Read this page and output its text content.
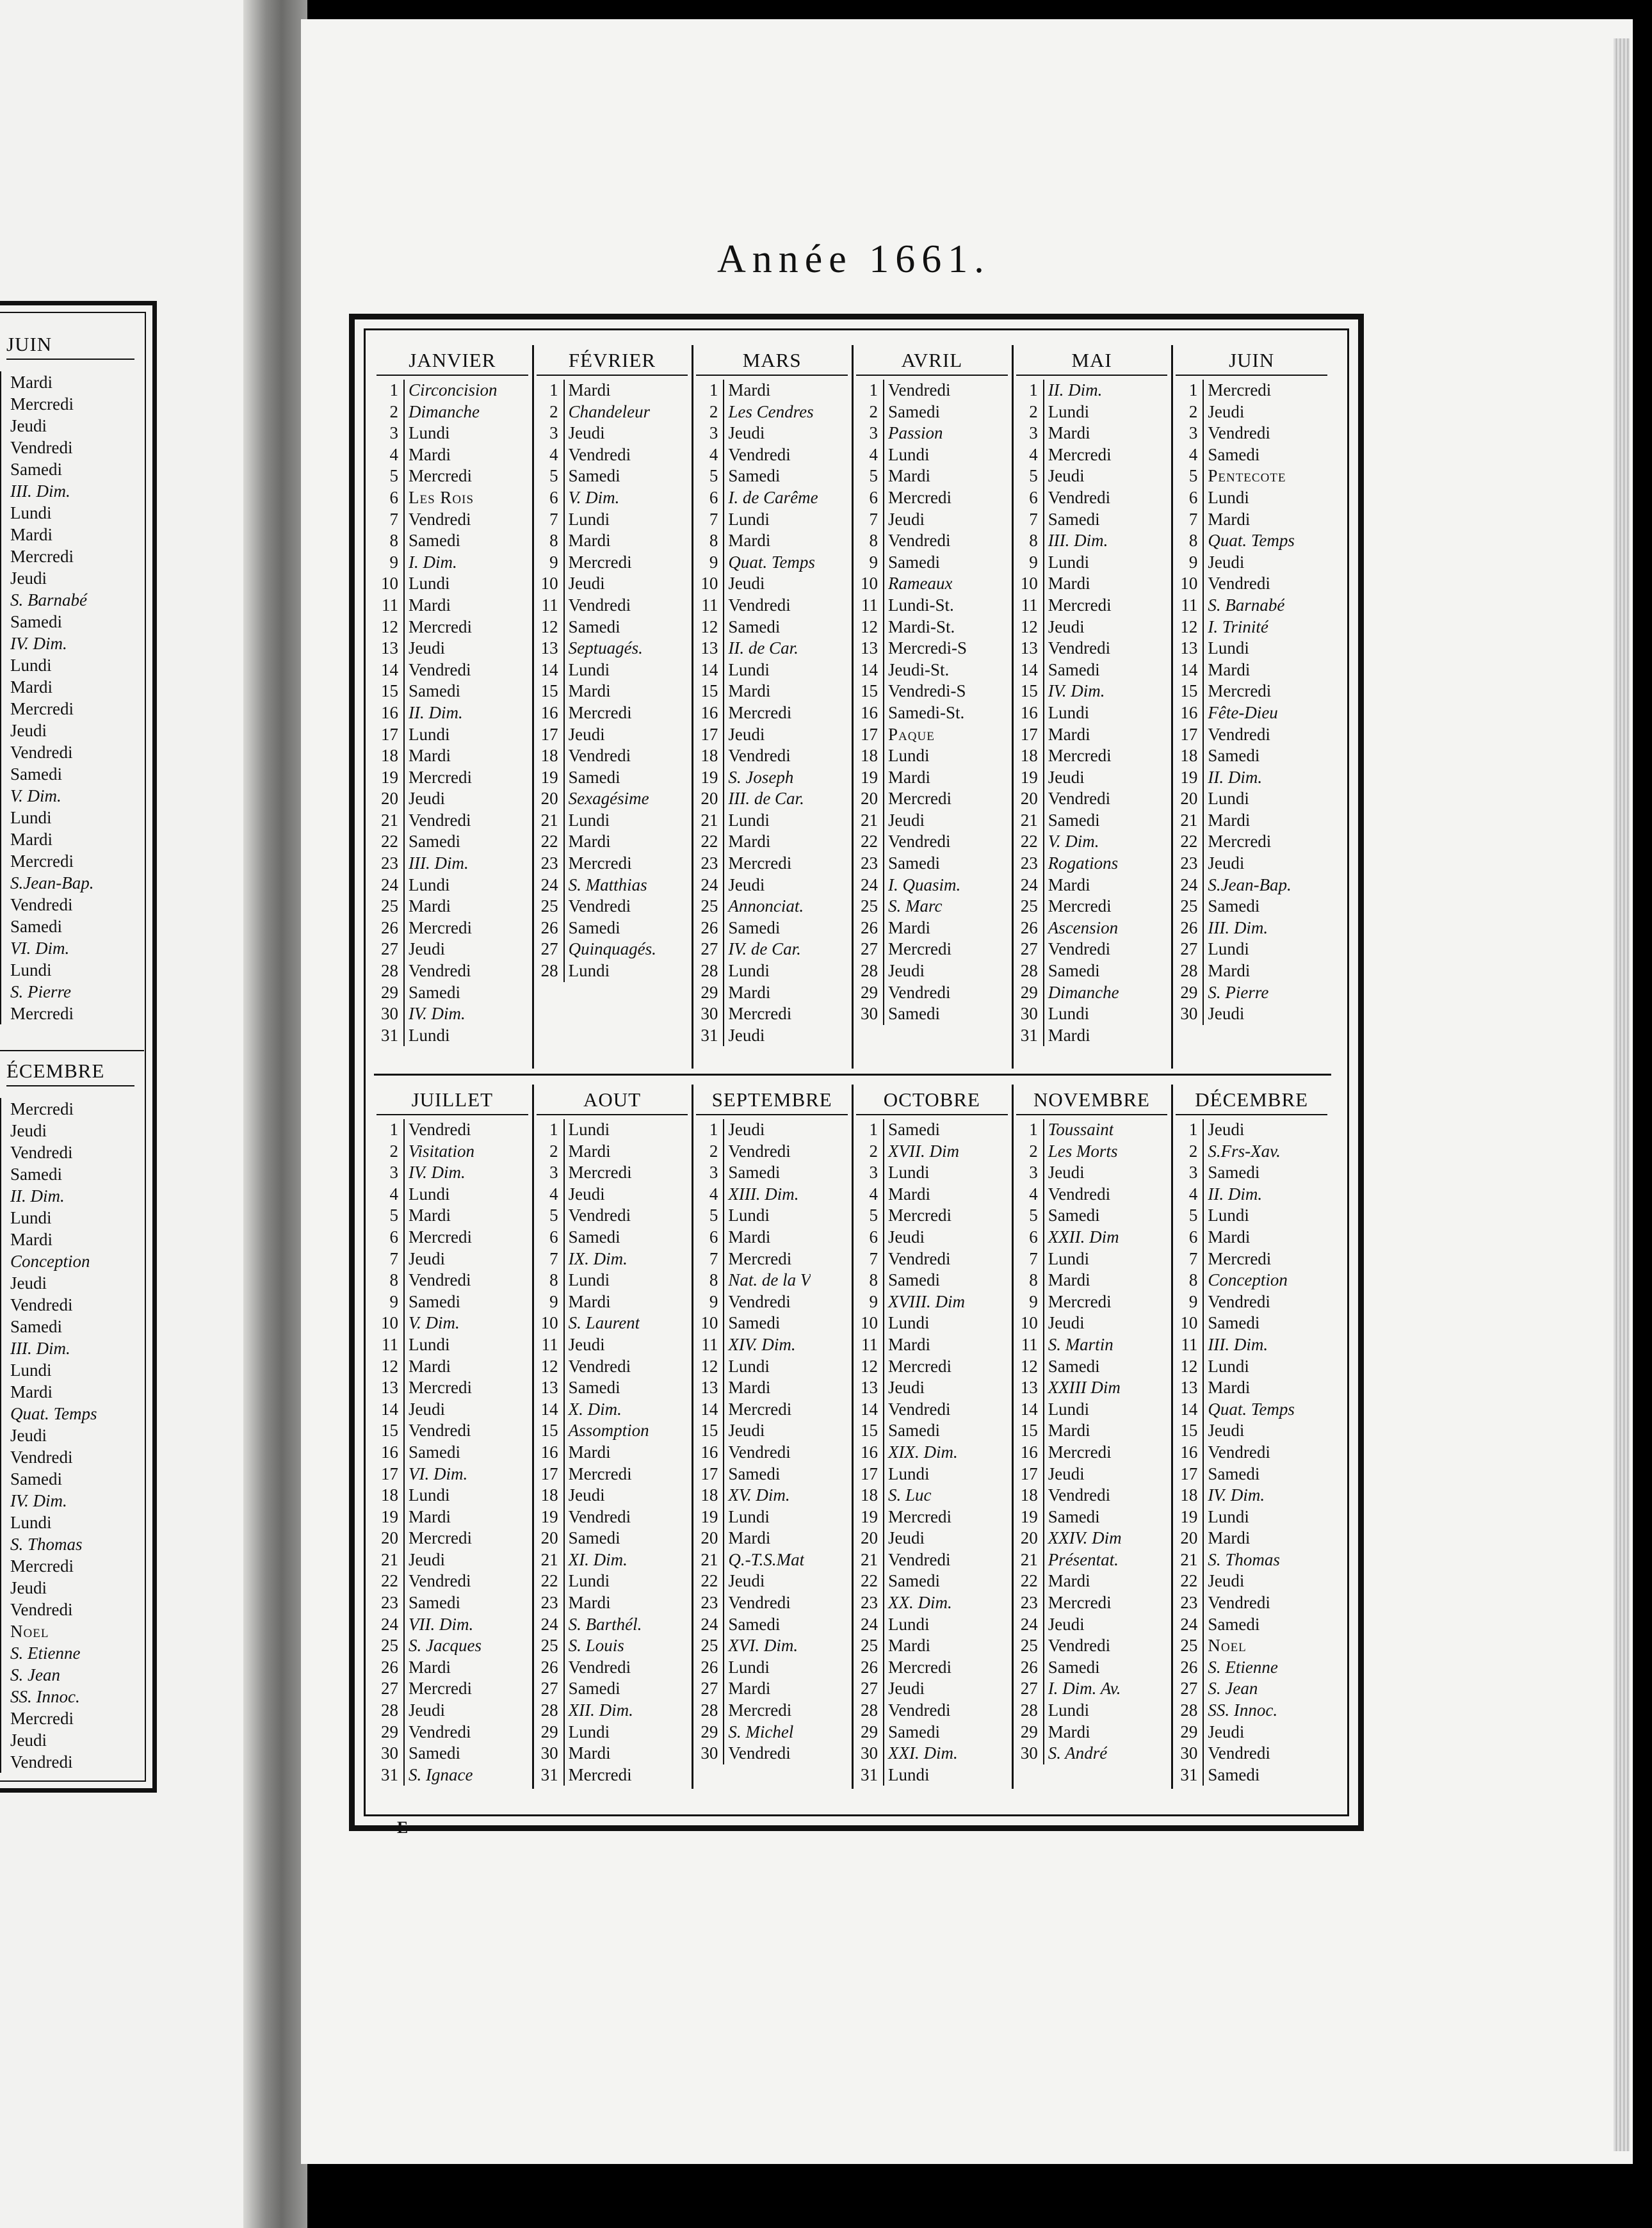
JUIN
Mardi
Mercredi
Jeudi
Vendredi
Samedi
III. Dim.
Lundi
Mardi
Mercredi
Jeudi
S. Barnabé
Samedi
IV. Dim.
Lundi
Mardi
Mercredi
Jeudi
Vendredi
Samedi
V. Dim.
Lundi
Mardi
Mercredi
S.Jean-Bap.
Vendredi
Samedi
VI. Dim.
Lundi
S. Pierre
Mercredi
ÉCEMBRE
Mercredi
Jeudi
Vendredi
Samedi
II. Dim.
Lundi
Mardi
Conception
Jeudi
Vendredi
Samedi
III. Dim.
Lundi
Mardi
Quat. Temps
Jeudi
Vendredi
Samedi
IV. Dim.
Lundi
S. Thomas
Mercredi
Jeudi
Vendredi
Noel
S. Etienne
S. Jean
SS. Innoc.
Mercredi
Jeudi
Vendredi
Année 1661.
JANVIER
1 Circoncision
2 Dimanche
3 Lundi
4 Mardi
5 Mercredi
6 Les Rois
7 Vendredi
8 Samedi
9 I. Dim.
10 Lundi
11 Mardi
12 Mercredi
13 Jeudi
14 Vendredi
15 Samedi
16 II. Dim.
17 Lundi
18 Mardi
19 Mercredi
20 Jeudi
21 Vendredi
22 Samedi
23 III. Dim.
24 Lundi
25 Mardi
26 Mercredi
27 Jeudi
28 Vendredi
29 Samedi
30 IV. Dim.
31 Lundi
FÉVRIER
1 Mardi
2 Chandeleur
3 Jeudi
4 Vendredi
5 Samedi
6 V. Dim.
7 Lundi
8 Mardi
9 Mercredi
10 Jeudi
11 Vendredi
12 Samedi
13 Septuagés.
14 Lundi
15 Mardi
16 Mercredi
17 Jeudi
18 Vendredi
19 Samedi
20 Sexagésime
21 Lundi
22 Mardi
23 Mercredi
24 S. Matthias
25 Vendredi
26 Samedi
27 Quinquagés.
28 Lundi
MARS
1 Mardi
2 Les Cendres
3 Jeudi
4 Vendredi
5 Samedi
6 I. de Carême
7 Lundi
8 Mardi
9 Quat. Temps
10 Jeudi
11 Vendredi
12 Samedi
13 II. de Car.
14 Lundi
15 Mardi
16 Mercredi
17 Jeudi
18 Vendredi
19 S. Joseph
20 III. de Car.
21 Lundi
22 Mardi
23 Mercredi
24 Jeudi
25 Annonciat.
26 Samedi
27 IV. de Car.
28 Lundi
29 Mardi
30 Mercredi
31 Jeudi
AVRIL
1 Vendredi
2 Samedi
3 Passion
4 Lundi
5 Mardi
6 Mercredi
7 Jeudi
8 Vendredi
9 Samedi
10 Rameaux
11 Lundi-St.
12 Mardi-St.
13 Mercredi-S
14 Jeudi-St.
15 Vendredi-S
16 Samedi-St.
17 Paque
18 Lundi
19 Mardi
20 Mercredi
21 Jeudi
22 Vendredi
23 Samedi
24 I. Quasim.
25 S. Marc
26 Mardi
27 Mercredi
28 Jeudi
29 Vendredi
30 Samedi
MAI
1 II. Dim.
2 Lundi
3 Mardi
4 Mercredi
5 Jeudi
6 Vendredi
7 Samedi
8 III. Dim.
9 Lundi
10 Mardi
11 Mercredi
12 Jeudi
13 Vendredi
14 Samedi
15 IV. Dim.
16 Lundi
17 Mardi
18 Mercredi
19 Jeudi
20 Vendredi
21 Samedi
22 V. Dim.
23 Rogations
24 Mardi
25 Mercredi
26 Ascension
27 Vendredi
28 Samedi
29 Dimanche
30 Lundi
31 Mardi
JUIN
1 Mercredi
2 Jeudi
3 Vendredi
4 Samedi
5 Pentecote
6 Lundi
7 Mardi
8 Quat. Temps
9 Jeudi
10 Vendredi
11 S. Barnabé
12 I. Trinité
13 Lundi
14 Mardi
15 Mercredi
16 Fête-Dieu
17 Vendredi
18 Samedi
19 II. Dim.
20 Lundi
21 Mardi
22 Mercredi
23 Jeudi
24 S.Jean-Bap.
25 Samedi
26 III. Dim.
27 Lundi
28 Mardi
29 S. Pierre
30 Jeudi
JUILLET
1 Vendredi
2 Visitation
3 IV. Dim.
4 Lundi
5 Mardi
6 Mercredi
7 Jeudi
8 Vendredi
9 Samedi
10 V. Dim.
11 Lundi
12 Mardi
13 Mercredi
14 Jeudi
15 Vendredi
16 Samedi
17 VI. Dim.
18 Lundi
19 Mardi
20 Mercredi
21 Jeudi
22 Vendredi
23 Samedi
24 VII. Dim.
25 S. Jacques
26 Mardi
27 Mercredi
28 Jeudi
29 Vendredi
30 Samedi
31 S. Ignace
AOUT
1 Lundi
2 Mardi
3 Mercredi
4 Jeudi
5 Vendredi
6 Samedi
7 IX. Dim.
8 Lundi
9 Mardi
10 S. Laurent
11 Jeudi
12 Vendredi
13 Samedi
14 X. Dim.
15 Assomption
16 Mardi
17 Mercredi
18 Jeudi
19 Vendredi
20 Samedi
21 XI. Dim.
22 Lundi
23 Mardi
24 S. Barthél.
25 S. Louis
26 Vendredi
27 Samedi
28 XII. Dim.
29 Lundi
30 Mardi
31 Mercredi
SEPTEMBRE
1 Jeudi
2 Vendredi
3 Samedi
4 XIII. Dim.
5 Lundi
6 Mardi
7 Mercredi
8 Nat. de la V
9 Vendredi
10 Samedi
11 XIV. Dim.
12 Lundi
13 Mardi
14 Mercredi
15 Jeudi
16 Vendredi
17 Samedi
18 XV. Dim.
19 Lundi
20 Mardi
21 Q.-T.S.Mat
22 Jeudi
23 Vendredi
24 Samedi
25 XVI. Dim.
26 Lundi
27 Mardi
28 Mercredi
29 S. Michel
30 Vendredi
OCTOBRE
1 Samedi
2 XVII. Dim
3 Lundi
4 Mardi
5 Mercredi
6 Jeudi
7 Vendredi
8 Samedi
9 XVIII. Dim
10 Lundi
11 Mardi
12 Mercredi
13 Jeudi
14 Vendredi
15 Samedi
16 XIX. Dim.
17 Lundi
18 S. Luc
19 Mercredi
20 Jeudi
21 Vendredi
22 Samedi
23 XX. Dim.
24 Lundi
25 Mardi
26 Mercredi
27 Jeudi
28 Vendredi
29 Samedi
30 XXI. Dim.
31 Lundi
NOVEMBRE
1 Toussaint
2 Les Morts
3 Jeudi
4 Vendredi
5 Samedi
6 XXII. Dim
7 Lundi
8 Mardi
9 Mercredi
10 Jeudi
11 S. Martin
12 Samedi
13 XXIII Dim
14 Lundi
15 Mardi
16 Mercredi
17 Jeudi
18 Vendredi
19 Samedi
20 XXIV. Dim
21 Présentat.
22 Mardi
23 Mercredi
24 Jeudi
25 Vendredi
26 Samedi
27 I. Dim. Av.
28 Lundi
29 Mardi
30 S. André
DÉCEMBRE
1 Jeudi
2 S.Frs-Xav.
3 Samedi
4 II. Dim.
5 Lundi
6 Mardi
7 Mercredi
8 Conception
9 Vendredi
10 Samedi
11 III. Dim.
12 Lundi
13 Mardi
14 Quat. Temps
15 Jeudi
16 Vendredi
17 Samedi
18 IV. Dim.
19 Lundi
20 Mardi
21 S. Thomas
22 Jeudi
23 Vendredi
24 Samedi
25 Noel
26 S. Etienne
27 S. Jean
28 SS. Innoc.
29 Jeudi
30 Vendredi
31 Samedi
E
